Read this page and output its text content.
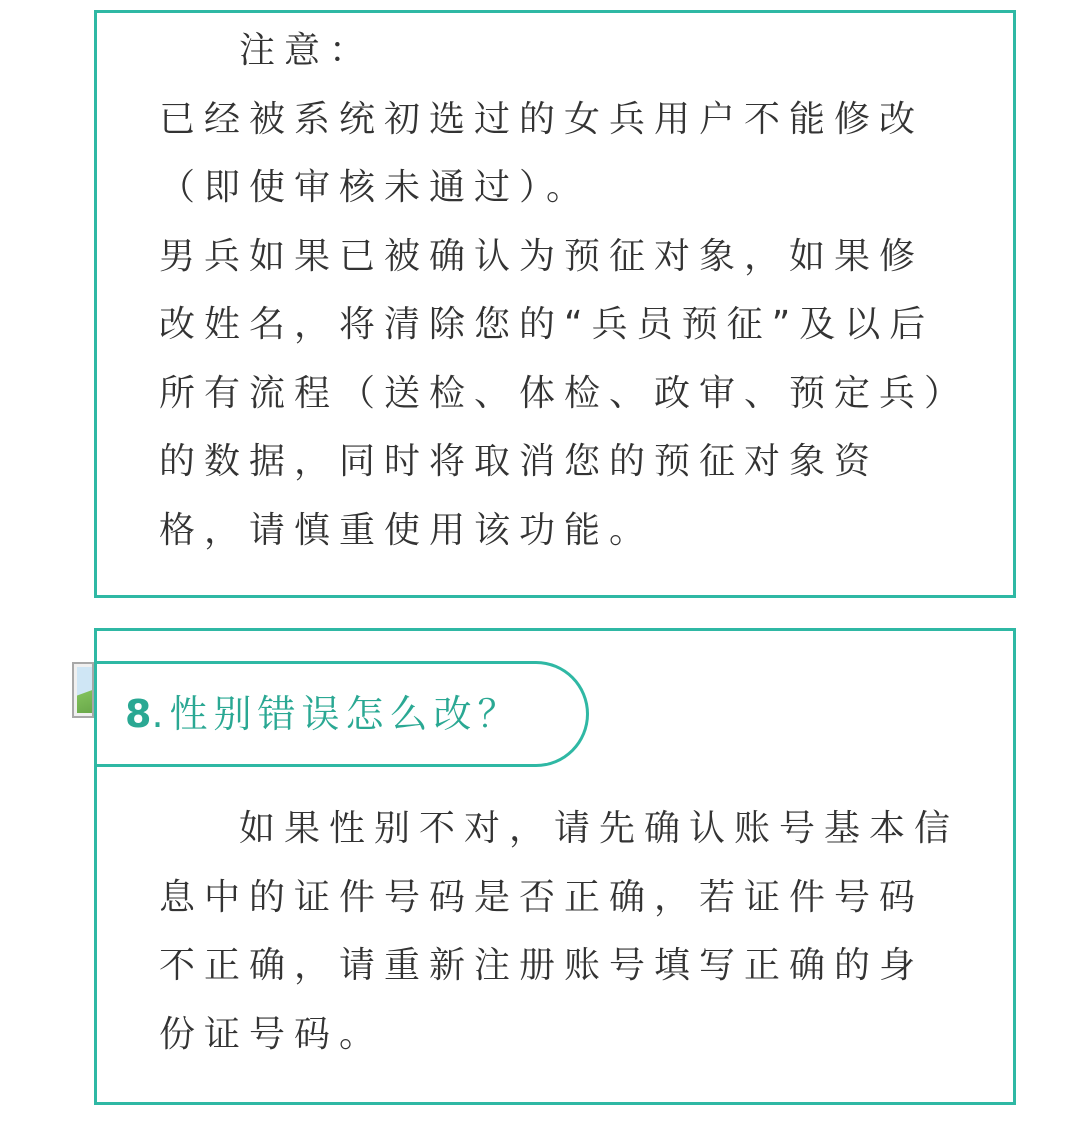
注意：

已经被系统初选过的女兵用户不能修改（即使审核未通过）。

男兵如果已被确认为预征对象，如果修改姓名，将清除您的“兵员预征”及以后所有流程（送检、体检、政审、预定兵）的数据，同时将取消您的预征对象资格，请慎重使用该功能。

8.性别错误怎么改？

如果性别不对，请先确认账号基本信息中的证件号码是否正确，若证件号码不正确，请重新注册账号填写正确的身份证号码。
